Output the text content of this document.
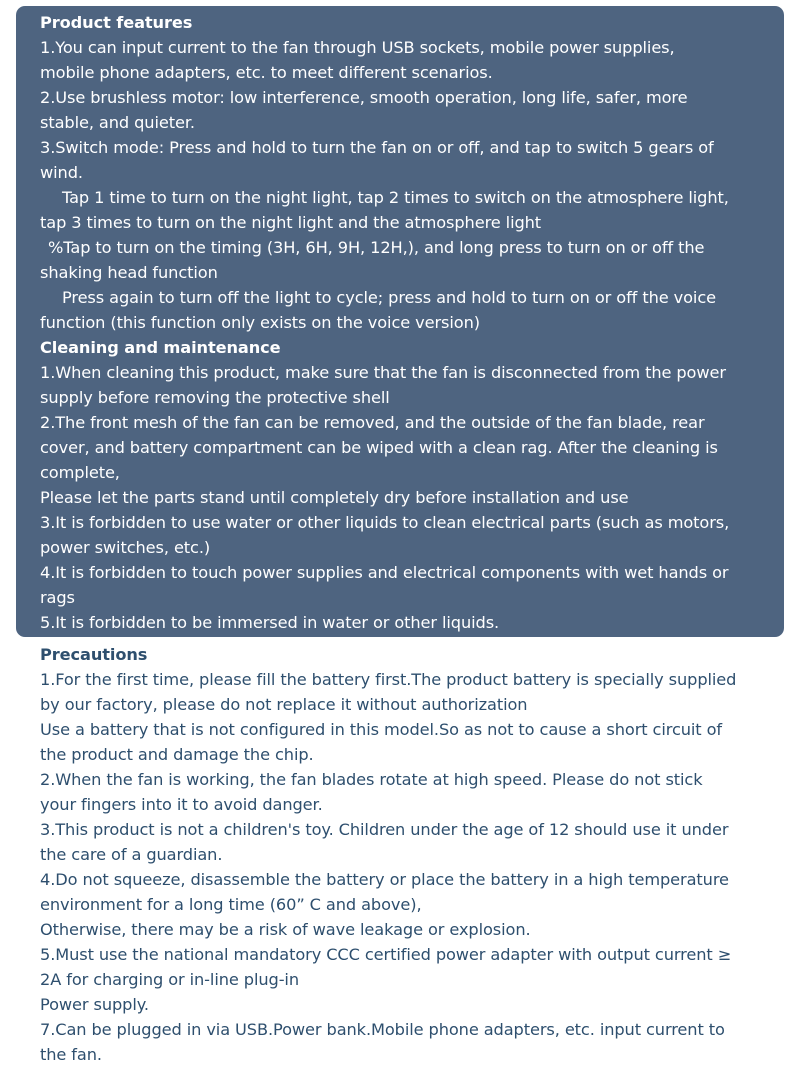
Product features
1.You can input current to the fan through USB sockets, mobile power supplies,
mobile phone adapters, etc. to meet different scenarios.
2.Use brushless motor: low interference, smooth operation, long life, safer, more
stable, and quieter.
3.Switch mode: Press and hold to turn the fan on or off, and tap to switch 5 gears of
wind.
Tap 1 time to turn on the night light, tap 2 times to switch on the atmosphere light,
tap 3 times to turn on the night light and the atmosphere light
%Tap to turn on the timing (3H, 6H, 9H, 12H,), and long press to turn on or off the
shaking head function
Press again to turn off the light to cycle; press and hold to turn on or off the voice
function (this function only exists on the voice version)
Cleaning and maintenance
1.When cleaning this product, make sure that the fan is disconnected from the power
supply before removing the protective shell
2.The front mesh of the fan can be removed, and the outside of the fan blade, rear
cover, and battery compartment can be wiped with a clean rag. After the cleaning is
complete,
Please let the parts stand until completely dry before installation and use
3.It is forbidden to use water or other liquids to clean electrical parts (such as motors,
power switches, etc.)
4.It is forbidden to touch power supplies and electrical components with wet hands or
rags
5.It is forbidden to be immersed in water or other liquids.
Precautions
1.For the first time, please fill the battery first.The product battery is specially supplied
by our factory, please do not replace it without authorization
Use a battery that is not configured in this model.So as not to cause a short circuit of
the product and damage the chip.
2.When the fan is working, the fan blades rotate at high speed. Please do not stick
your fingers into it to avoid danger.
3.This product is not a children's toy. Children under the age of 12 should use it under
the care of a guardian.
4.Do not squeeze, disassemble the battery or place the battery in a high temperature
environment for a long time (60” C and above),
Otherwise, there may be a risk of wave leakage or explosion.
5.Must use the national mandatory CCC certified power adapter with output current ≥
2A for charging or in-line plug-in
Power supply.
7.Can be plugged in via USB.Power bank.Mobile phone adapters, etc. input current to
the fan.
